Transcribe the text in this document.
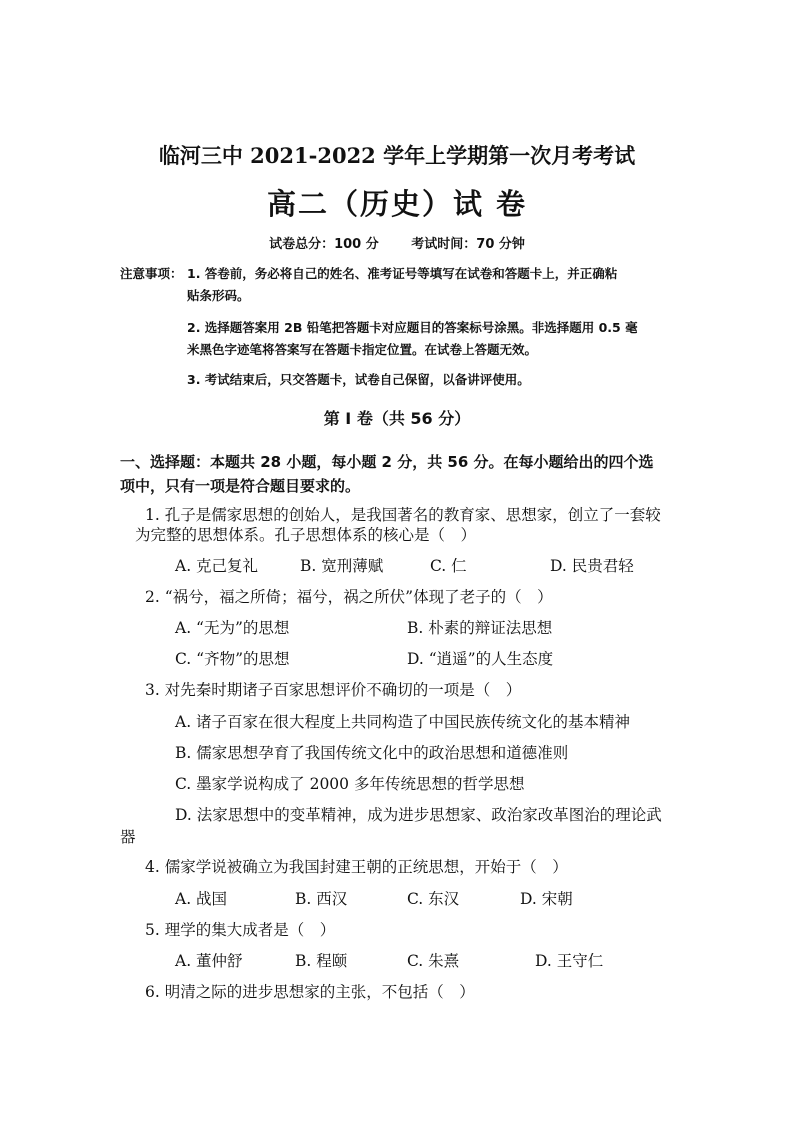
临河三中 2021-2022 学年上学期第一次月考考试
高二（历史）试 卷
试卷总分：100 分	考试时间：70 分钟
注意事项： 1. 答卷前，务必将自己的姓名、准考证号等填写在试卷和答题卡上，并正确粘
贴条形码。
2. 选择题答案用 2B 铅笔把答题卡对应题目的答案标号涂黑。非选择题用 0.5 毫
米黑色字迹笔将答案写在答题卡指定位置。在试卷上答题无效。
3. 考试结束后，只交答题卡，试卷自己保留，以备讲评使用。
第 Ⅰ 卷（共 56 分）
一、选择题：本题共 28 小题，每小题 2 分，共 56 分。在每小题给出的四个选
项中，只有一项是符合题目要求的。
1. 孔子是儒家思想的创始人，是我国著名的教育家、思想家，创立了一套较
为完整的思想体系。孔子思想体系的核心是（　）
A. 克己复礼	B. 宽刑薄赋	C. 仁	D. 民贵君轻
2. “祸兮，福之所倚；福兮，祸之所伏”体现了老子的（　）
A. “无为”的思想	B. 朴素的辩证法思想
C. “齐物”的思想	D. “逍遥”的人生态度
3. 对先秦时期诸子百家思想评价不确切的一项是（　）
A. 诸子百家在很大程度上共同构造了中国民族传统文化的基本精神
B. 儒家思想孕育了我国传统文化中的政治思想和道德准则
C. 墨家学说构成了 2000 多年传统思想的哲学思想
D. 法家思想中的变革精神，成为进步思想家、政治家改革图治的理论武
器
4. 儒家学说被确立为我国封建王朝的正统思想，开始于（　）
A. 战国	B. 西汉	C. 东汉	D. 宋朝
5. 理学的集大成者是（　）
A. 董仲舒	B. 程颐	C. 朱熹	D. 王守仁
6. 明清之际的进步思想家的主张，不包括（　）
